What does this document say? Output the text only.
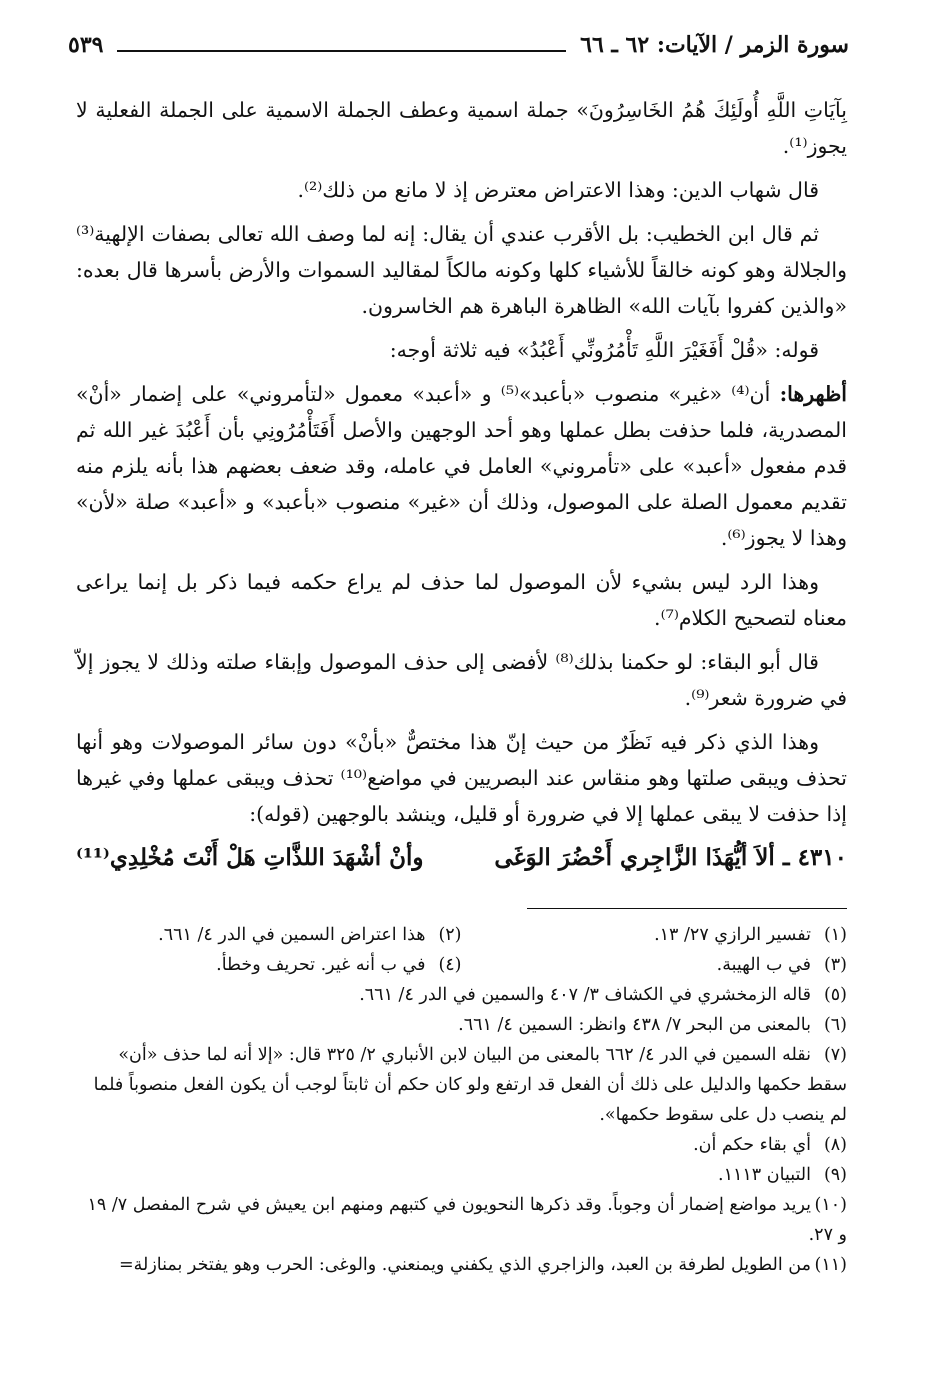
سورة الزمر / الآيات: ٦٢ ـ ٦٦
٥٣٩

بِآيَاتِ اللَّهِ أُولَئِكَ هُمُ الخَاسِرُونَ» جملة اسمية وعطف الجملة الاسمية على الجملة الفعلية لا يجوز⁽¹⁾.

قال شهاب الدين: وهذا الاعتراض معترض إذ لا مانع من ذلك⁽²⁾.

ثم قال ابن الخطيب: بل الأقرب عندي أن يقال: إنه لما وصف الله تعالى بصفات الإلهية⁽³⁾ والجلالة وهو كونه خالقاً للأشياء كلها وكونه مالكاً لمقاليد السموات والأرض بأسرها قال بعده: «والذين كفروا بآيات الله» الظاهرة الباهرة هم الخاسرون.

قوله: «قُلْ أَفَغَيْرَ اللَّهِ تَأْمُرُونِّي أَعْبُدُ» فيه ثلاثة أوجه:

أظهرها: أن⁽⁴⁾ «غير» منصوب «بأعبد»⁽⁵⁾ و «أعبد» معمول «لتأمروني» على إضمار «أنْ» المصدرية، فلما حذفت بطل عملها وهو أحد الوجهين والأصل أَفَتَأْمُرُونِي بأن أَعْبُدَ غير الله ثم قدم مفعول «أعبد» على «تأمروني» العامل في عامله، وقد ضعف بعضهم هذا بأنه يلزم منه تقديم معمول الصلة على الموصول، وذلك أن «غير» منصوب «بأعبد» و «أعبد» صلة «لأن» وهذا لا يجوز⁽⁶⁾.

وهذا الرد ليس بشيء لأن الموصول لما حذف لم يراع حكمه فيما ذكر بل إنما يراعى معناه لتصحيح الكلام⁽⁷⁾.

قال أبو البقاء: لو حكمنا بذلك⁽⁸⁾ لأفضى إلى حذف الموصول وإبقاء صلته وذلك لا يجوز إلاّ في ضرورة شعر⁽⁹⁾.

وهذا الذي ذكر فيه نَظَرٌ من حيث إنّ هذا مختصٌّ «بأنْ» دون سائر الموصولات وهو أنها تحذف ويبقى صلتها وهو منقاس عند البصريين في مواضع⁽¹⁰⁾ تحذف ويبقى عملها وفي غيرها إذا حذفت لا يبقى عملها إلا في ضرورة أو قليل، وينشد بالوجهين (قوله):

٤٣١٠ ـ ألاَ أيُّهَذَا الزَّاجِري أَحْضُرَ الوَغَى
وأنْ أشْهَدَ اللذَّاتِ هَلْ أَنْتَ مُخْلِدِي⁽¹¹⁾
(١)تفسير الرازي ٢٧/ ١٣.
(٢)هذا اعتراض السمين في الدر ٤/ ٦٦١.
(٣)في ب الهيبة.
(٤)في ب أنه غير. تحريف وخطأ.

(٥)قاله الزمخشري في الكشاف ٣/ ٤٠٧ والسمين في الدر ٤/ ٦٦١.

(٦)بالمعنى من البحر ٧/ ٤٣٨ وانظر: السمين ٤/ ٦٦١.

(٧)نقله السمين في الدر ٤/ ٦٦٢ بالمعنى من البيان لابن الأنباري ٢/ ٣٢٥ قال: «إلا أنه لما حذف «أن» سقط حكمها والدليل على ذلك أن الفعل قد ارتفع ولو كان حكم أن ثابتاً لوجب أن يكون الفعل منصوباً فلما لم ينصب دل على سقوط حكمها».

(٨)أي بقاء حكم أن.

(٩)التبيان ١١١٣.

(١٠)يريد مواضع إضمار أن وجوباً. وقد ذكرها النحويون في كتبهم ومنهم ابن يعيش في شرح المفصل ٧/ ١٩ و ٢٧.

(١١)من الطويل لطرفة بن العبد، والزاجري الذي يكفني ويمنعني. والوغى: الحرب وهو يفتخر بمنازلة=
